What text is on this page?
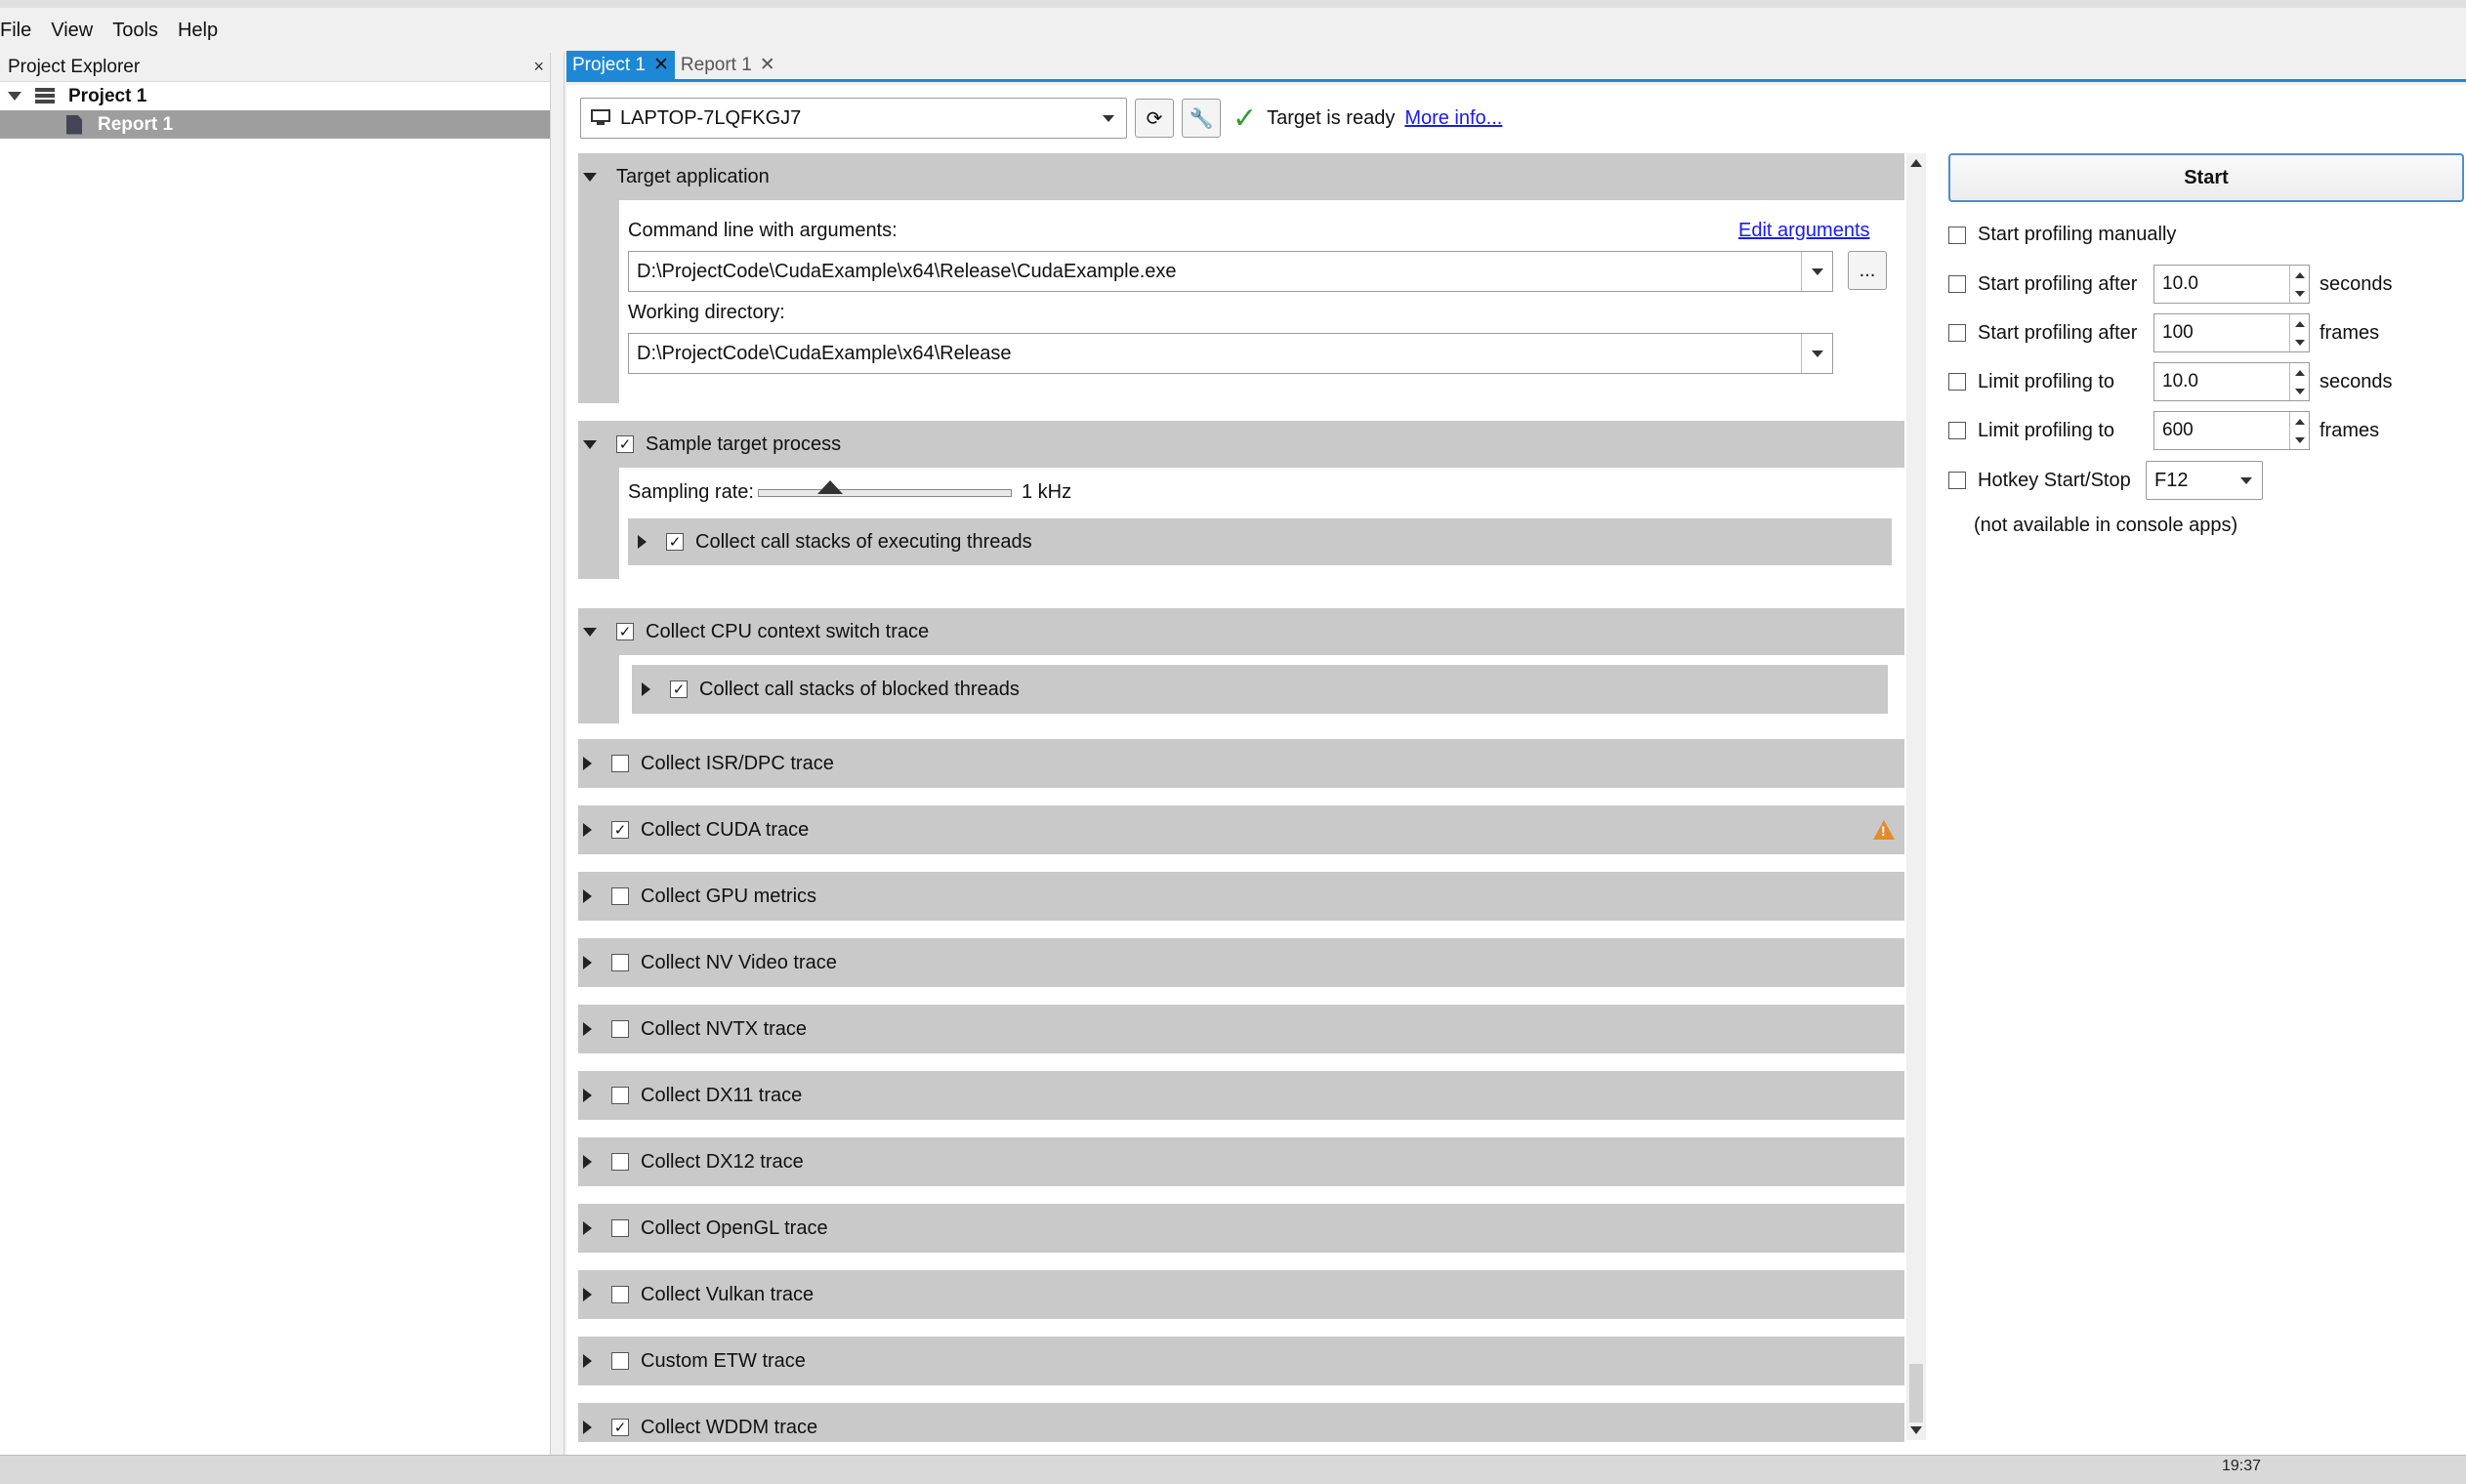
File	View	Tools	Help
Project Explorer	×
Project 1
Report 1
Project 1 ✕ Report 1 ✕
LAPTOP-7LQFKGJ7	⟳ 🔧 ✓ Target is ready More info...
Target application
Command line with arguments:	Edit arguments
D:\ProjectCode\CudaExample\x64\Release\CudaExample.exe	...
Working directory:
D:\ProjectCode\CudaExample\x64\Release
✓ Sample target process
Sampling rate:	1 kHz
✓ Collect call stacks of executing threads
✓ Collect CPU context switch trace
✓ Collect call stacks of blocked threads
Collect ISR/DPC trace
✓ Collect CUDA trace
!
Collect GPU metrics
Collect NV Video trace
Collect NVTX trace
Collect DX11 trace
Collect DX12 trace
Collect OpenGL trace
Collect Vulkan trace
Custom ETW trace
✓ Collect WDDM trace
Start
Start profiling manually
Start profiling after 10.0	seconds
Start profiling after 100	frames
Limit profiling to	10.0	seconds
Limit profiling to	600	frames
Hotkey Start/Stop F12
(not available in console apps)
19:37
